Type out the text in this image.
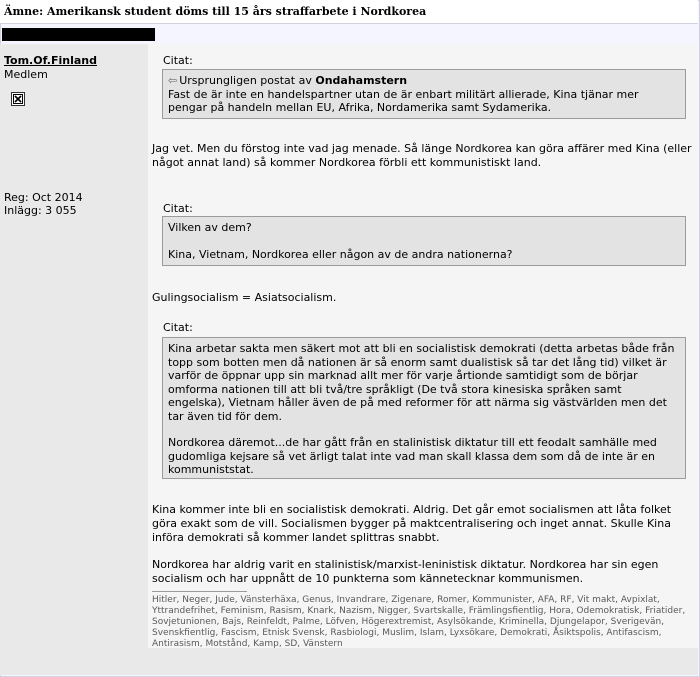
Ämne: Amerikansk student döms till 15 års straffarbete i Nordkorea
Tom.Of.Finland
Medlem
Reg: Oct 2014
Inlägg: 3 055
Citat:

⇦ Ursprungligen postat av Ondahamstern

Fast de är inte en handelspartner utan de är enbart militärt allierade, Kina tjänar mer pengar på handeln mellan EU, Afrika, Nordamerika samt Sydamerika.

Jag vet. Men du förstog inte vad jag menade. Så länge Nordkorea kan göra affärer med Kina (eller något annat land) så kommer Nordkorea förbli ett kommunistiskt land.

Citat:

Vilken av dem?

Kina, Vietnam, Nordkorea eller någon av de andra nationerna?

Gulingsocialism = Asiatsocialism.

Citat:

Kina arbetar sakta men säkert mot att bli en socialistisk demokrati (detta arbetas både från topp som botten men då nationen är så enorm samt dualistisk så tar det lång tid) vilket är varför de öppnar upp sin marknad allt mer för varje årtionde samtidigt som de börjar omforma nationen till att bli två/tre språkligt (De två stora kinesiska språken samt engelska), Vietnam håller även de på med reformer för att närma sig västvärlden men det tar även tid för dem.

Nordkorea däremot...de har gått från en stalinistisk diktatur till ett feodalt samhälle med gudomliga kejsare så vet ärligt talat inte vad man skall klassa dem som då de inte är en kommuniststat.

Kina kommer inte bli en socialistisk demokrati. Aldrig. Det går emot socialismen att låta folket göra exakt som de vill. Socialismen bygger på maktcentralisering och inget annat. Skulle Kina införa demokrati så kommer landet splittras snabbt.

Nordkorea har aldrig varit en stalinistisk/marxist-leninistisk diktatur. Nordkorea har sin egen socialism och har uppnått de 10 punkterna som kännetecknar kommunismen.

Hitler, Neger, Jude, Vänsterhäxa, Genus, Invandrare, Zigenare, Romer, Kommunister, AFA, RF, Vit makt, Avpixlat, Yttrandefrihet, Feminism, Rasism, Knark, Nazism, Nigger, Svartskalle, Främlingsfientlig, Hora, Odemokratisk, Friatider, Sovjetunionen, Bajs, Reinfeldt, Palme, Löfven, Högerextremist, Asylsökande, Kriminella, Djungelapor, Sverigevän, Svenskfientlig, Fascism, Etnisk Svensk, Rasbiologi, Muslim, Islam, Lyxsökare, Demokrati, Åsiktspolis, Antifascism, Antirasism, Motstånd, Kamp, SD, Vänstern
